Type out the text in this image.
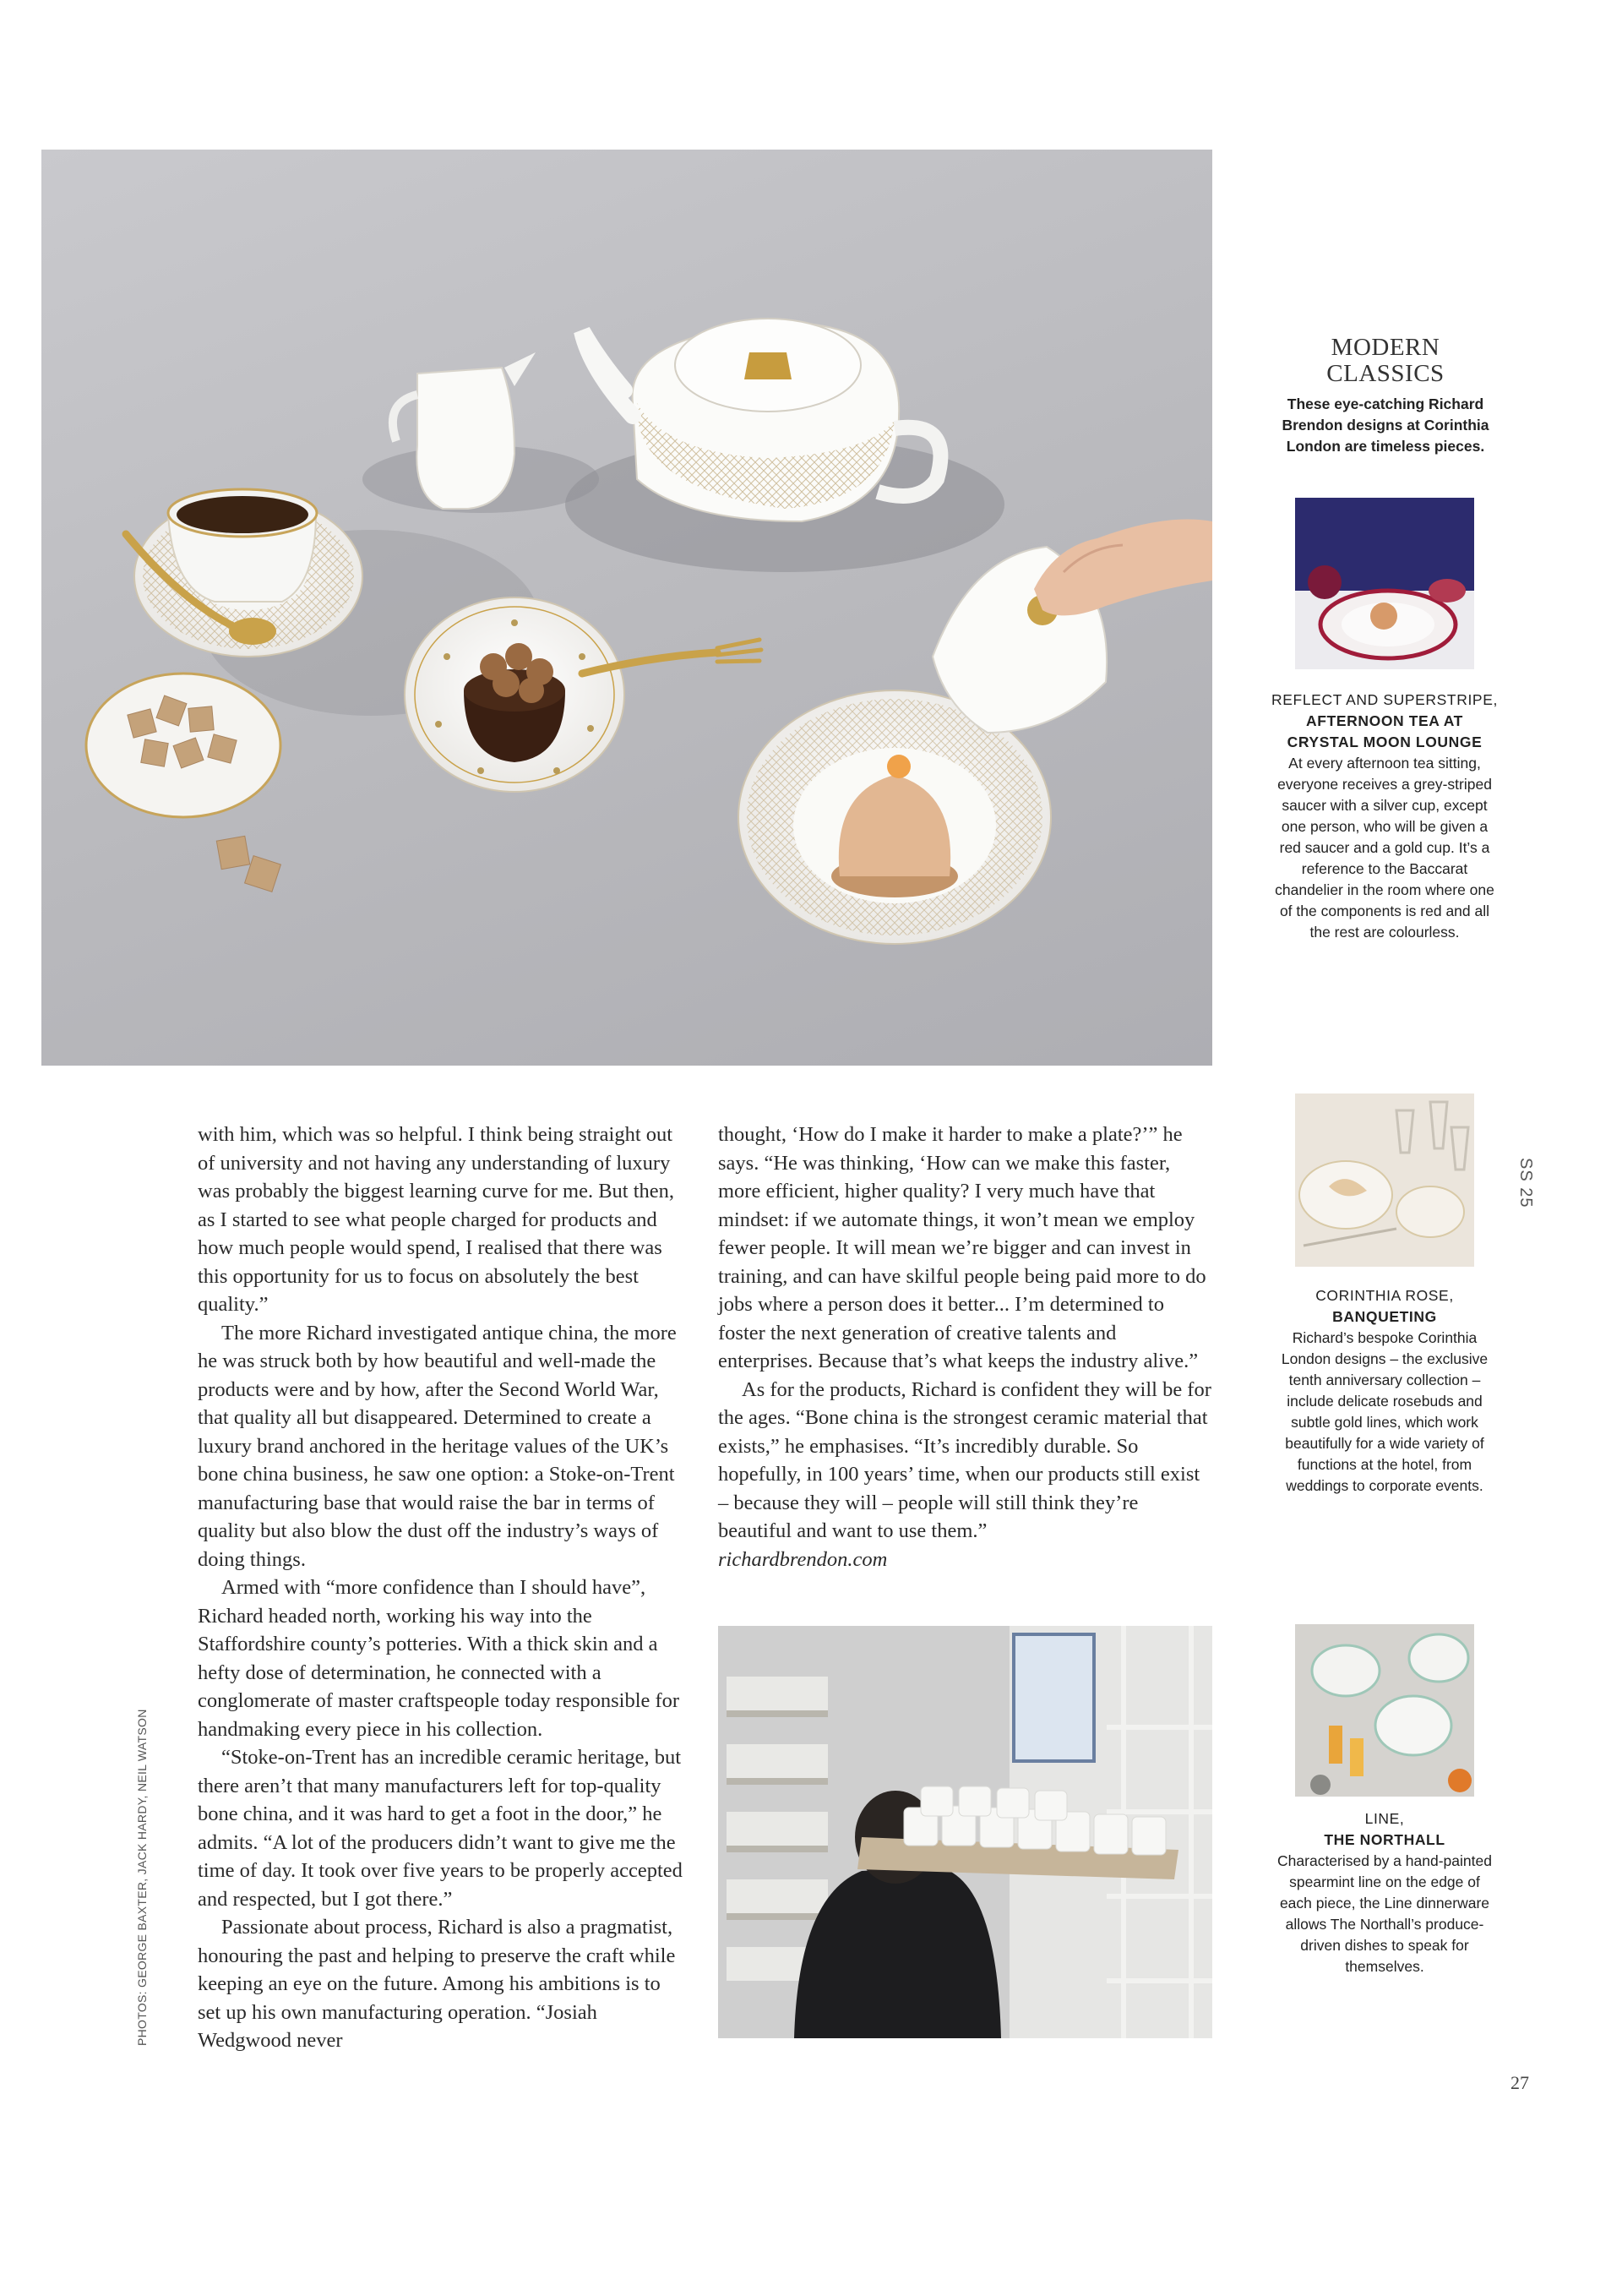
with him, which was so helpful. I think being straight out of university and not having any understanding of luxury was probably the biggest learning curve for me. But then, as I started to see what people charged for products and how much people would spend, I realised that there was this opportunity for us to focus on absolutely the best quality.”

The more Richard investigated antique china, the more he was struck both by how beautiful and well-made the products were and by how, after the Second World War, that quality all but disappeared. Determined to create a luxury brand anchored in the heritage values of the UK’s bone china business, he saw one option: a Stoke-on-Trent manufacturing base that would raise the bar in terms of quality but also blow the dust off the industry’s ways of doing things.

Armed with “more confidence than I should have”, Richard headed north, working his way into the Staffordshire county’s potteries. With a thick skin and a hefty dose of determination, he connected with a conglomerate of master craftspeople today responsible for handmaking every piece in his collection.

“Stoke-on-Trent has an incredible ceramic heritage, but there aren’t that many manufacturers left for top-quality bone china, and it was hard to get a foot in the door,” he admits. “A lot of the producers didn’t want to give me the time of day. It took over five years to be properly accepted and respected, but I got there.”

Passionate about process, Richard is also a pragmatist, honouring the past and helping to preserve the craft while keeping an eye on the future. Among his ambitions is to set up his own manufacturing operation. “Josiah Wedgwood never

thought, ‘How do I make it harder to make a plate?’” he says. “He was thinking, ‘How can we make this faster, more efficient, higher quality? I very much have that mindset: if we automate things, it won’t mean we employ fewer people. It will mean we’re bigger and can invest in training, and can have skilful people being paid more to do jobs where a person does it better... I’m determined to foster the next generation of creative talents and enterprises. Because that’s what keeps the industry alive.”

As for the products, Richard is confident they will be for the ages. “Bone china is the strongest ceramic material that exists,” he emphasises. “It’s incredibly durable. So hopefully, in 100 years’ time, when our products still exist – because they will – people will still think they’re beautiful and want to use them.”

richardbrendon.com

PHOTOS: GEORGE BAXTER, JACK HARDY, NEIL WATSON
MODERN
CLASSICS
These eye-catching Richard Brendon designs at Corinthia London are timeless pieces.
REFLECT AND SUPERSTRIPE,
AFTERNOON TEA AT CRYSTAL MOON LOUNGE
At every afternoon tea sitting, everyone receives a grey-striped saucer with a silver cup, except one person, who will be given a red saucer and a gold cup. It’s a reference to the Baccarat chandelier in the room where one of the components is red and all the rest are colourless.
CORINTHIA ROSE,
BANQUETING
Richard’s bespoke Corinthia London designs – the exclusive tenth anniversary collection – include delicate rosebuds and subtle gold lines, which work beautifully for a wide variety of functions at the hotel, from weddings to corporate events.
LINE,
THE NORTHALL
Characterised by a hand-painted spearmint line on the edge of each piece, the Line dinnerware allows The Northall’s produce-driven dishes to speak for themselves.
SS 25
27
